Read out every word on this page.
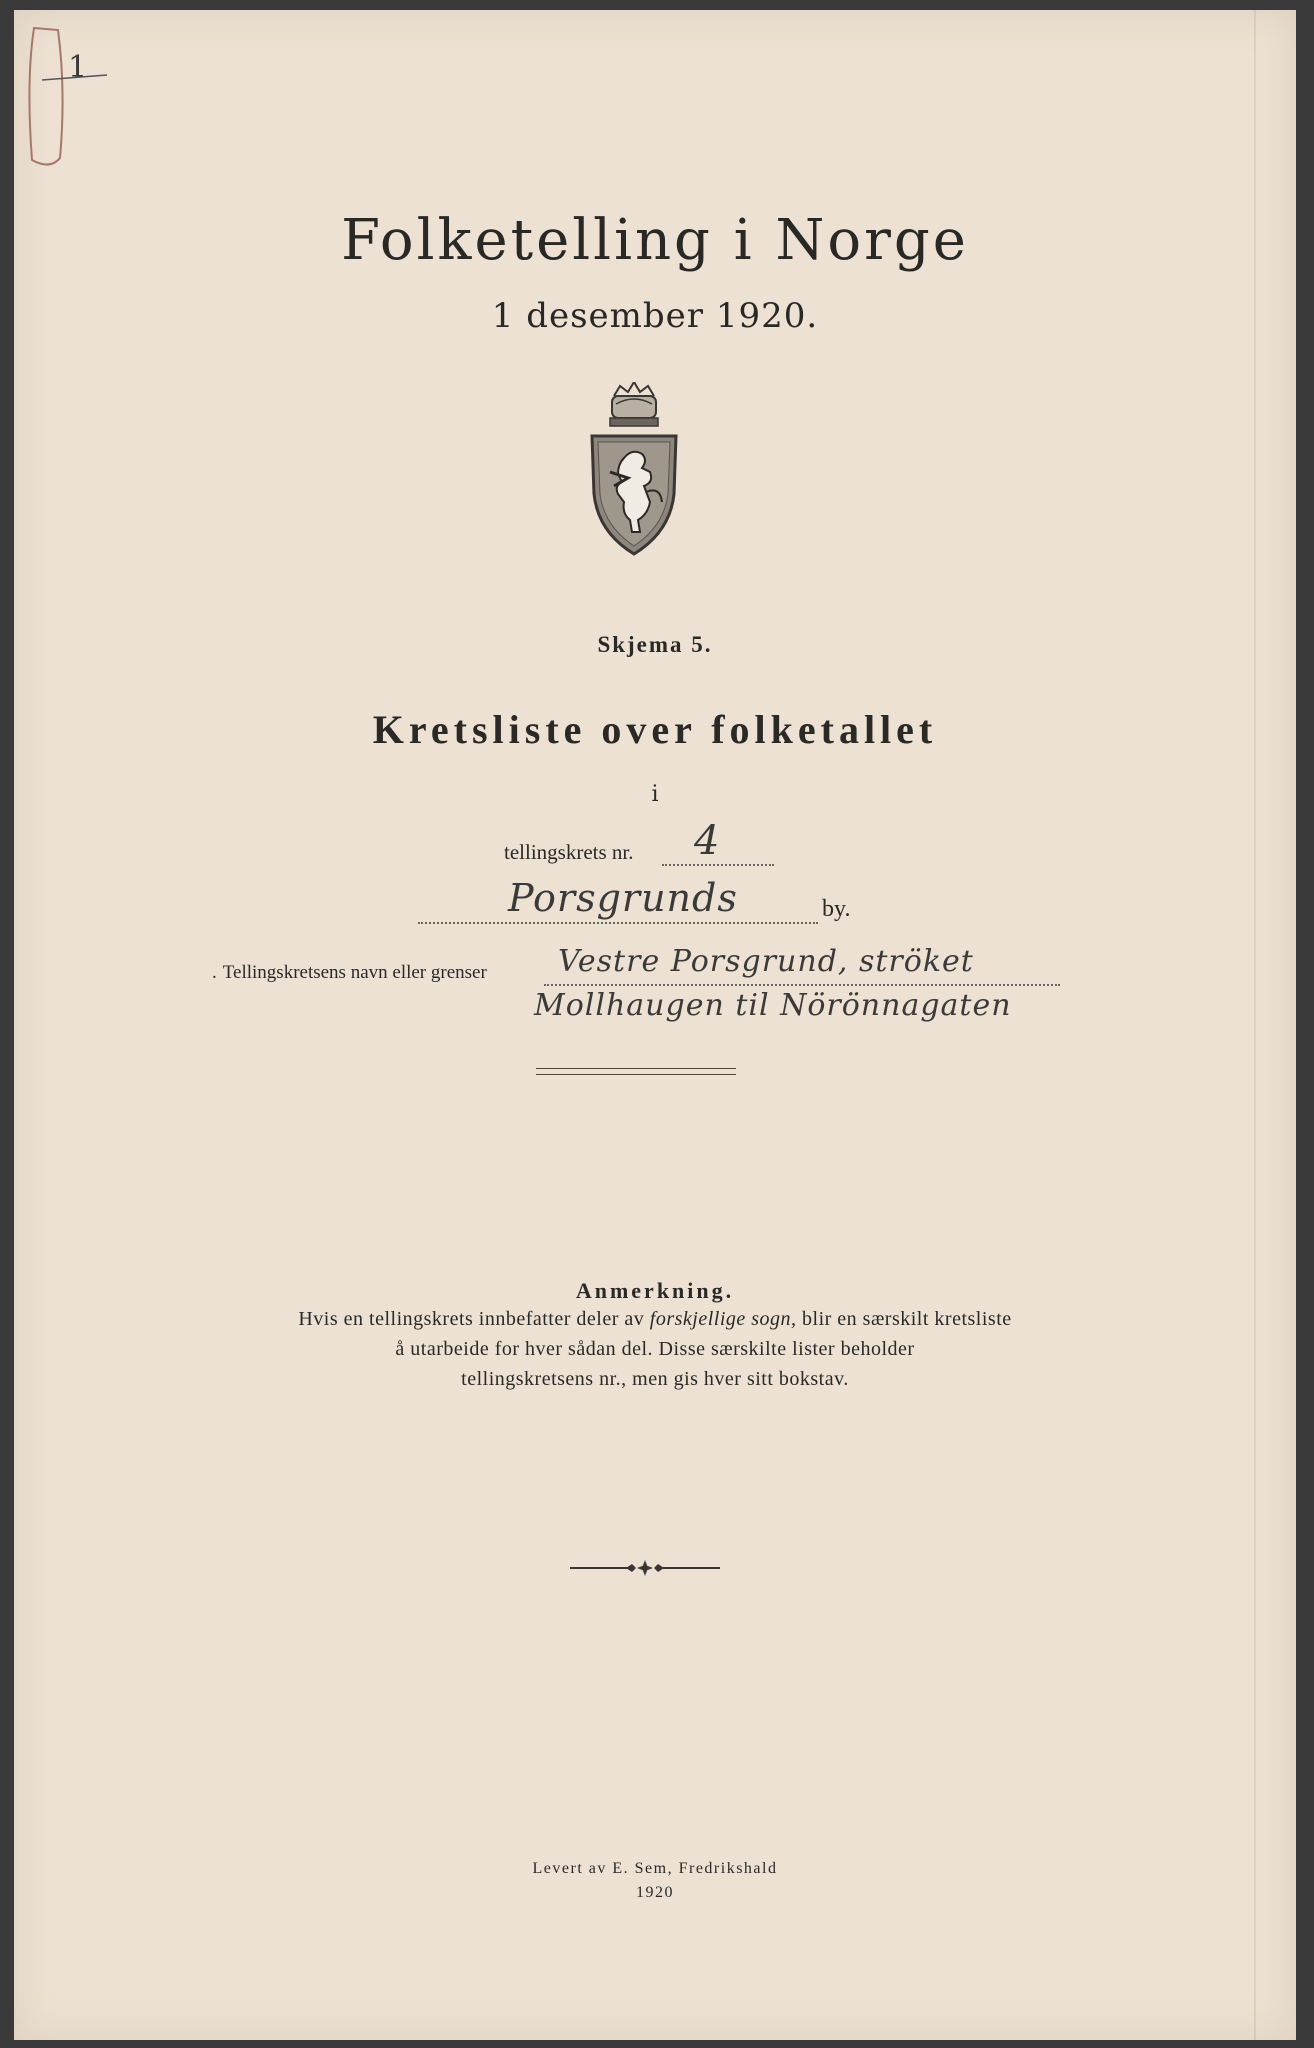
1
Folketelling i Norge
1 desember 1920.
Skjema 5.
Kretsliste over folketallet
i
tellingskrets nr. 4
Porsgrunds	by.
. Tellingskretsens navn eller grenser Vestre Porsgrund, ströket
Mollhaugen til Nörönnagaten
Anmerkning.
Hvis en tellingskrets innbefatter deler av forskjellige sogn, blir en særskilt kretsliste
å utarbeide for hver sådan del. Disse særskilte lister beholder
tellingskretsens nr., men gis hver sitt bokstav.
Levert av E. Sem, Fredrikshald
1920
